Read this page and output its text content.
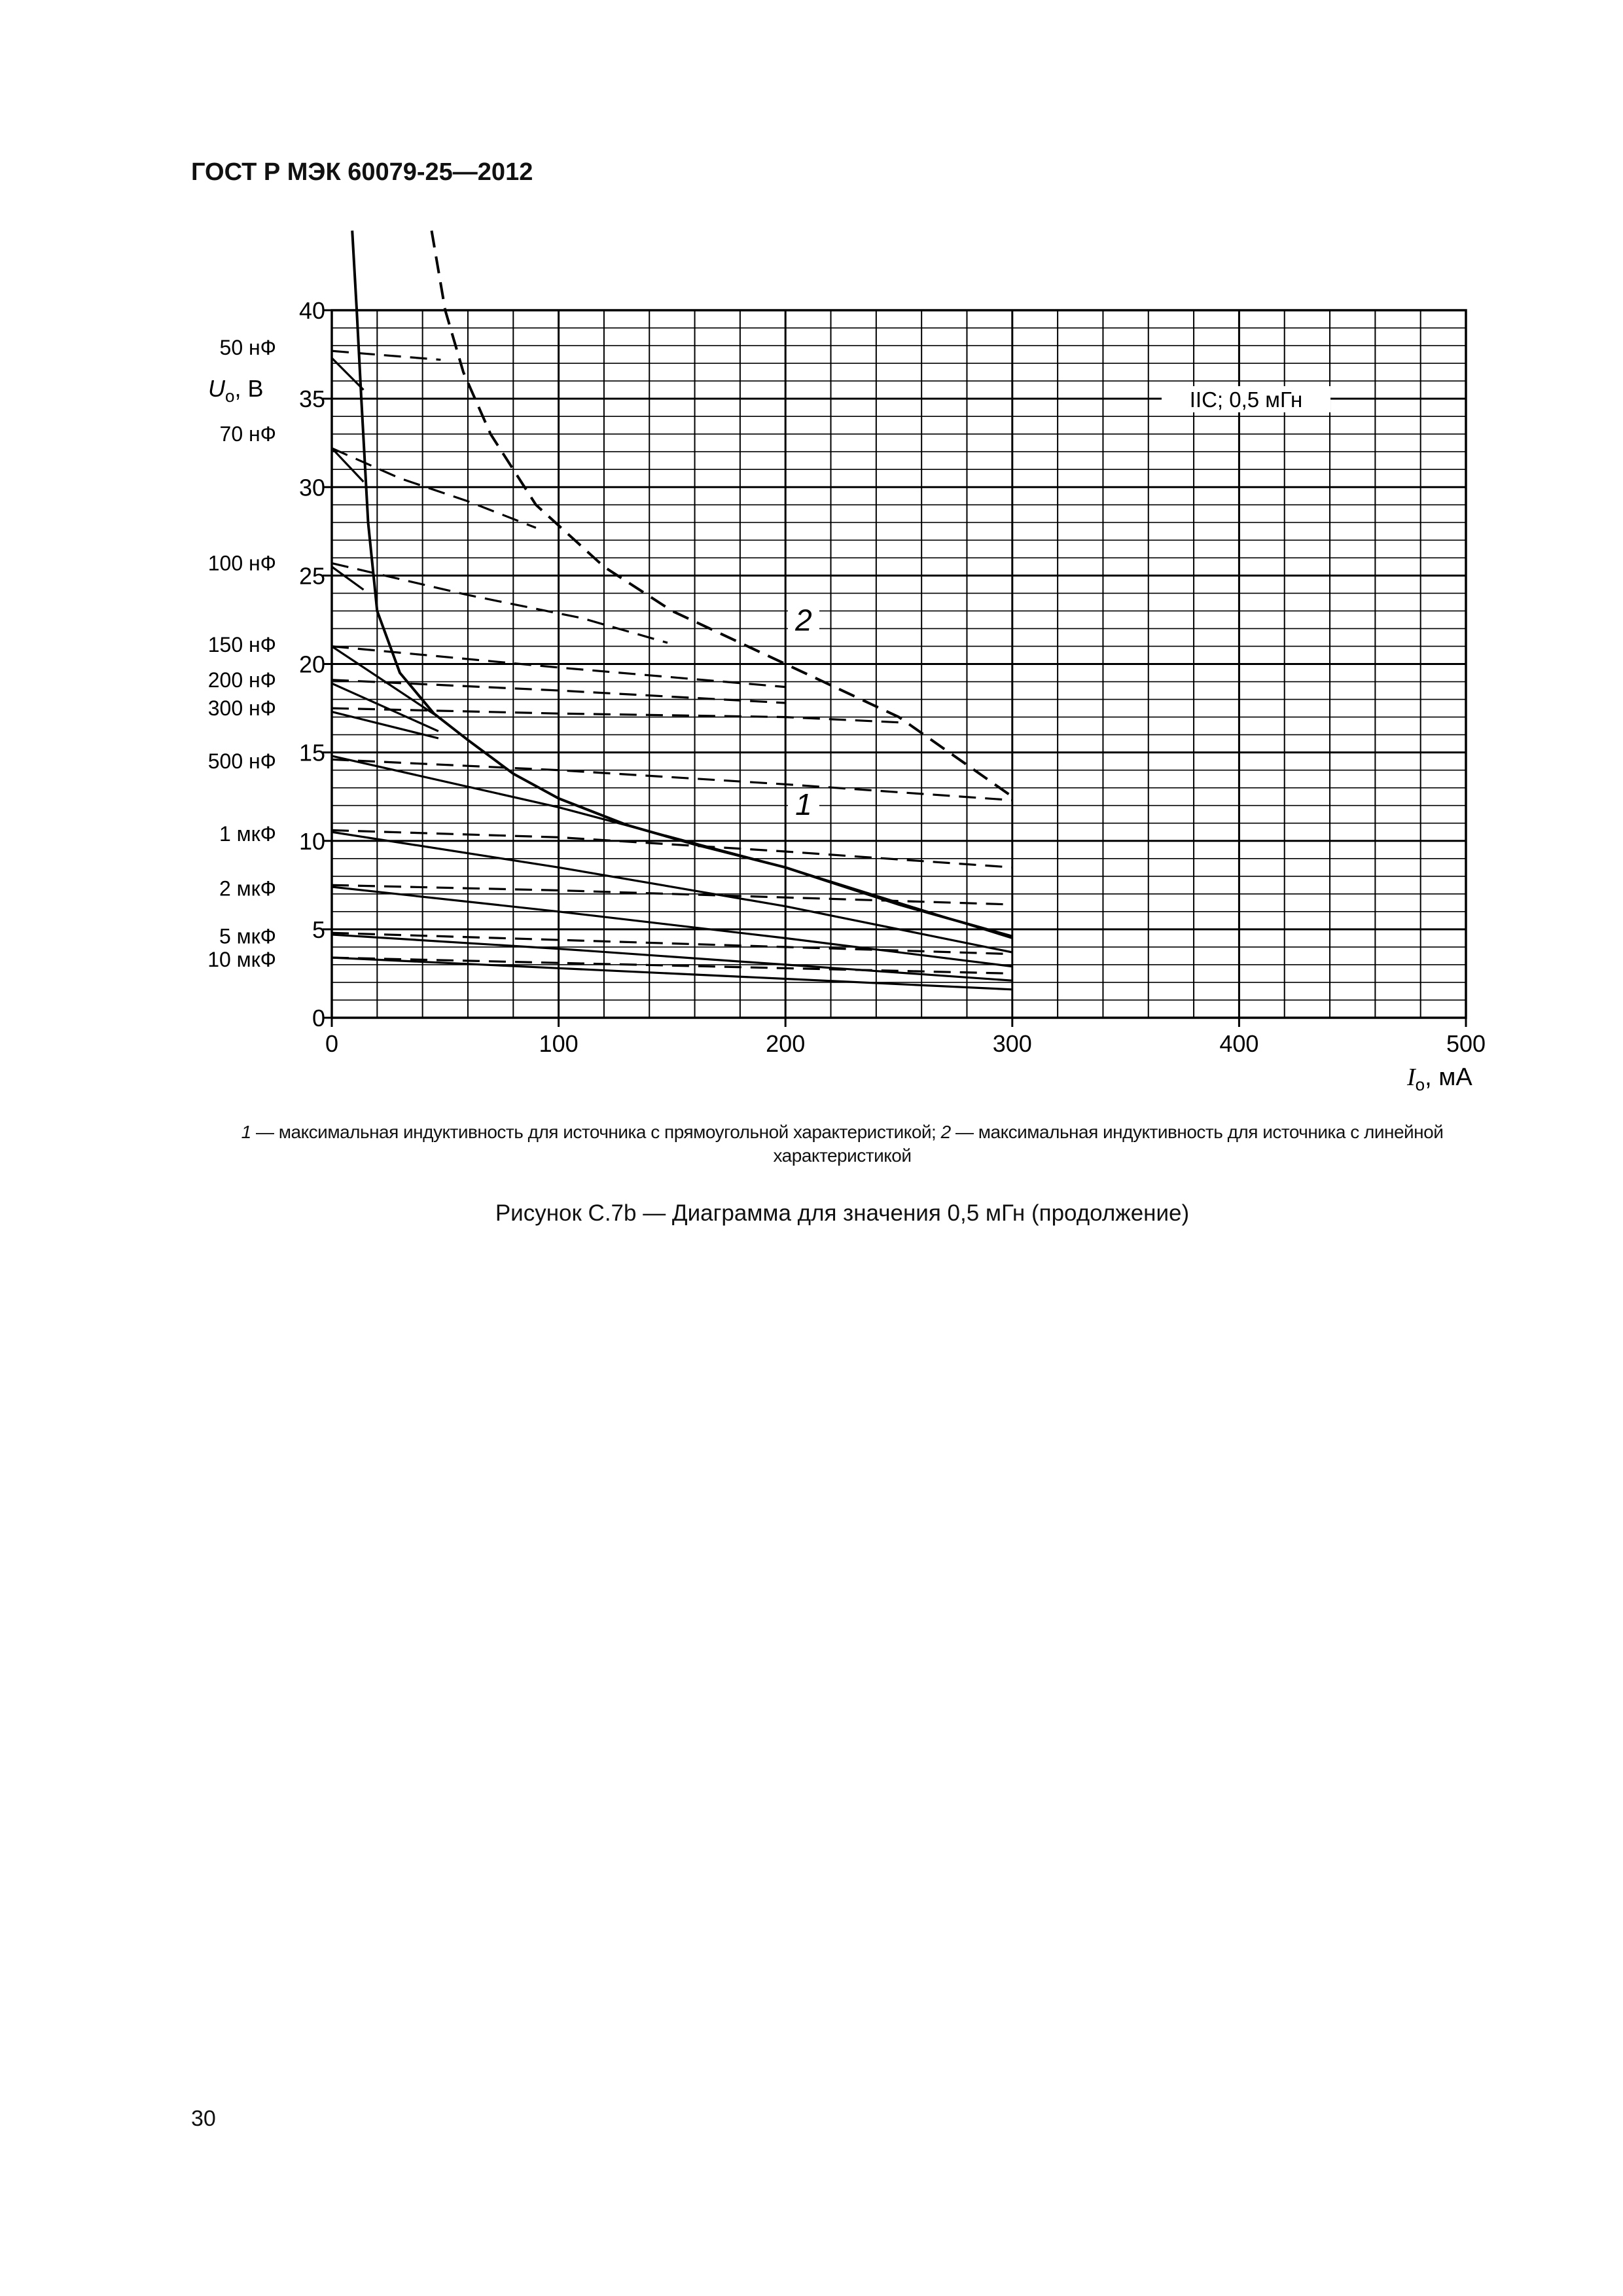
ГОСТ Р МЭК 60079-25—2012
0	100	200	300	400	500
0
5
10
15
20
25
30
35
40
50 нФ
70 нФ
100 нФ
150 нФ
200 нФ
300 нФ
500 нФ
1 мкФ
2 мкФ
5 мкФ
10 мкФ
1
2
IIC; 0,5 мГн
$U_o$, В
$I_o$, мА
1 — максимальная индуктивность для источника с прямоугольной характеристикой; 2 — максимальная индуктивность для источника с линейной характеристикой
Рисунок С.7b — Диаграмма для значения 0,5 мГн (продолжение)
30
